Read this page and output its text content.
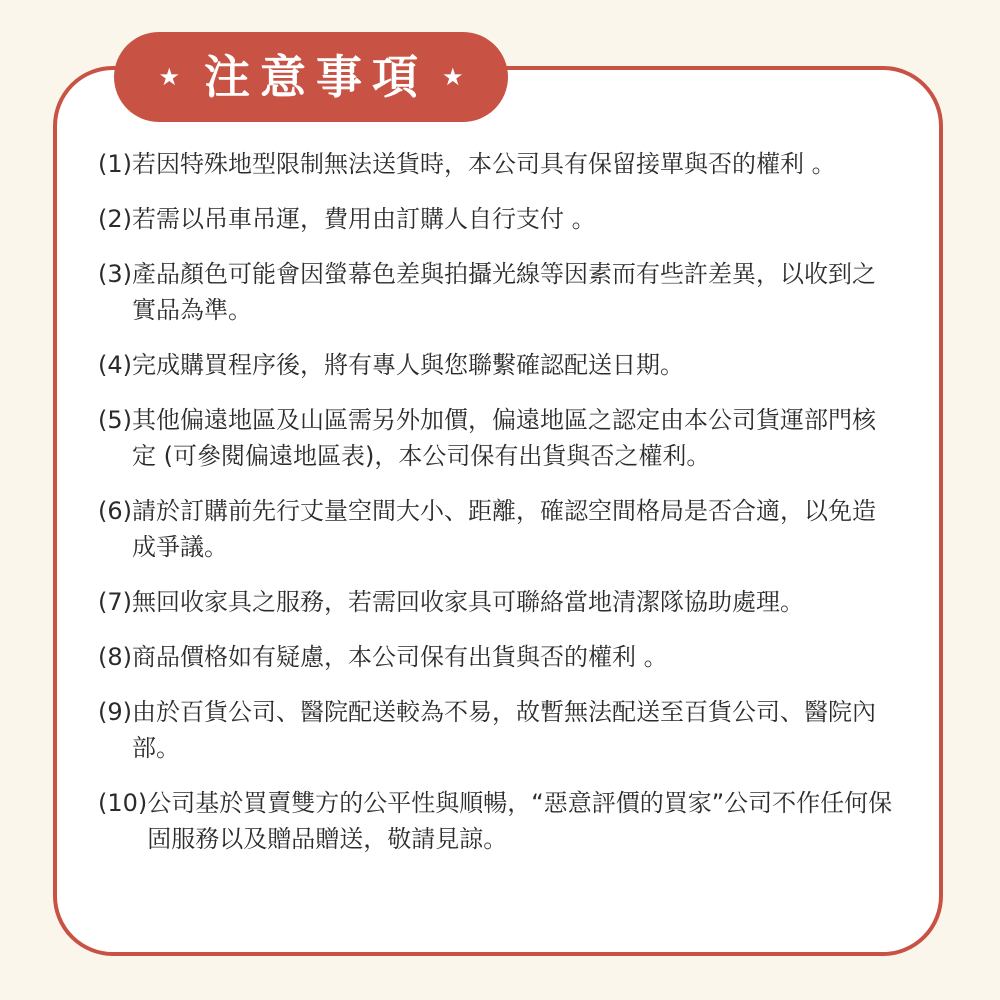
★ 注意事項 ★
(1) 若因特殊地型限制無法送貨時，本公司具有保留接單與否的權利 。
(2) 若需以吊車吊運，費用由訂購人自行支付 。
(3) 產品顏色可能會因螢幕色差與拍攝光線等因素而有些許差異，以收到之實品為準。
(4) 完成購買程序後，將有專人與您聯繫確認配送日期。
(5) 其他偏遠地區及山區需另外加價，偏遠地區之認定由本公司貨運部門核定 (可參閱偏遠地區表)，本公司保有出貨與否之權利。
(6) 請於訂購前先行丈量空間大小、距離，確認空間格局是否合適，以免造成爭議。
(7) 無回收家具之服務，若需回收家具可聯絡當地清潔隊協助處理。
(8) 商品價格如有疑慮，本公司保有出貨與否的權利 。
(9) 由於百貨公司、醫院配送較為不易，故暫無法配送至百貨公司、醫院內部。
(10) 公司基於買賣雙方的公平性與順暢，“惡意評價的買家”公司不作任何保固服務以及贈品贈送，敬請見諒。
